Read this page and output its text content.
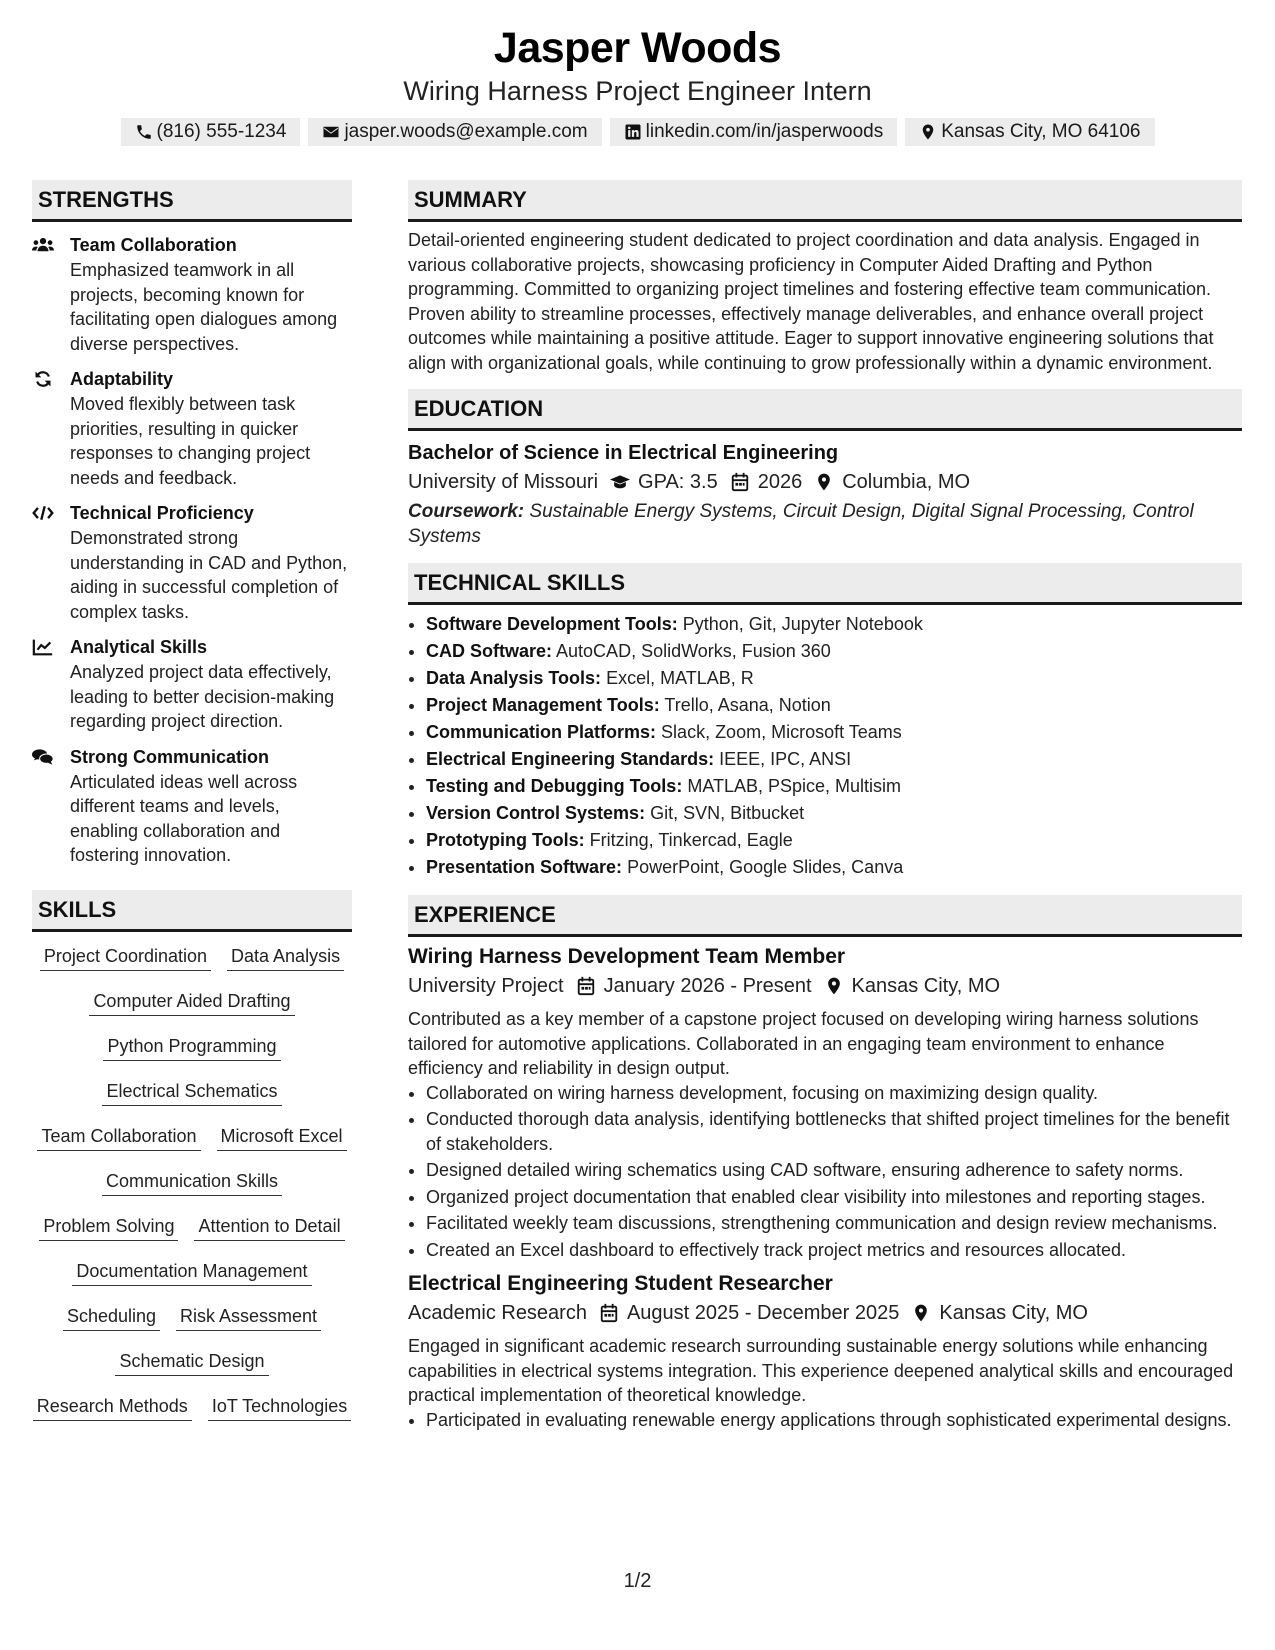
Jasper Woods
Wiring Harness Project Engineer Intern
(816) 555-1234	jasper.woods@example.com	linkedin.com/in/jasperwoods	Kansas City, MO 64106
STRENGTHS
Team Collaboration
Emphasized teamwork in all projects, becoming known for facilitating open dialogues among diverse perspectives.
Adaptability
Moved flexibly between task priorities, resulting in quicker responses to changing project needs and feedback.
Technical Proficiency
Demonstrated strong understanding in CAD and Python, aiding in successful completion of complex tasks.
Analytical Skills
Analyzed project data effectively, leading to better decision-making regarding project direction.
Strong Communication
Articulated ideas well across different teams and levels, enabling collaboration and fostering innovation.
SKILLS
Project Coordination Data Analysis
Computer Aided Drafting
Python Programming
Electrical Schematics
Team Collaboration Microsoft Excel
Communication Skills
Problem Solving Attention to Detail
Documentation Management
Scheduling Risk Assessment
Schematic Design
Research Methods IoT Technologies
SUMMARY
Detail-oriented engineering student dedicated to project coordination and data analysis. Engaged in various collaborative projects, showcasing proficiency in Computer Aided Drafting and Python programming. Committed to organizing project timelines and fostering effective team communication. Proven ability to streamline processes, effectively manage deliverables, and enhance overall project outcomes while maintaining a positive attitude. Eager to support innovative engineering solutions that align with organizational goals, while continuing to grow professionally within a dynamic environment.
EDUCATION
Bachelor of Science in Electrical Engineering
University of Missouri GPA: 3.5 2026 Columbia, MO
Coursework: Sustainable Energy Systems, Circuit Design, Digital Signal Processing, Control Systems
TECHNICAL SKILLS
• Software Development Tools: Python, Git, Jupyter Notebook
• CAD Software: AutoCAD, SolidWorks, Fusion 360
• Data Analysis Tools: Excel, MATLAB, R
• Project Management Tools: Trello, Asana, Notion
• Communication Platforms: Slack, Zoom, Microsoft Teams
• Electrical Engineering Standards: IEEE, IPC, ANSI
• Testing and Debugging Tools: MATLAB, PSpice, Multisim
• Version Control Systems: Git, SVN, Bitbucket
• Prototyping Tools: Fritzing, Tinkercad, Eagle
• Presentation Software: PowerPoint, Google Slides, Canva
EXPERIENCE
Wiring Harness Development Team Member
University Project January 2026 - Present Kansas City, MO
Contributed as a key member of a capstone project focused on developing wiring harness solutions tailored for automotive applications. Collaborated in an engaging team environment to enhance efficiency and reliability in design output.
• Collaborated on wiring harness development, focusing on maximizing design quality.
• Conducted thorough data analysis, identifying bottlenecks that shifted project timelines for the benefit of stakeholders.
• Designed detailed wiring schematics using CAD software, ensuring adherence to safety norms.
• Organized project documentation that enabled clear visibility into milestones and reporting stages.
• Facilitated weekly team discussions, strengthening communication and design review mechanisms.
• Created an Excel dashboard to effectively track project metrics and resources allocated.
Electrical Engineering Student Researcher
Academic Research August 2025 - December 2025 Kansas City, MO
Engaged in significant academic research surrounding sustainable energy solutions while enhancing capabilities in electrical systems integration. This experience deepened analytical skills and encouraged practical implementation of theoretical knowledge.
• Participated in evaluating renewable energy applications through sophisticated experimental designs.
1/2
